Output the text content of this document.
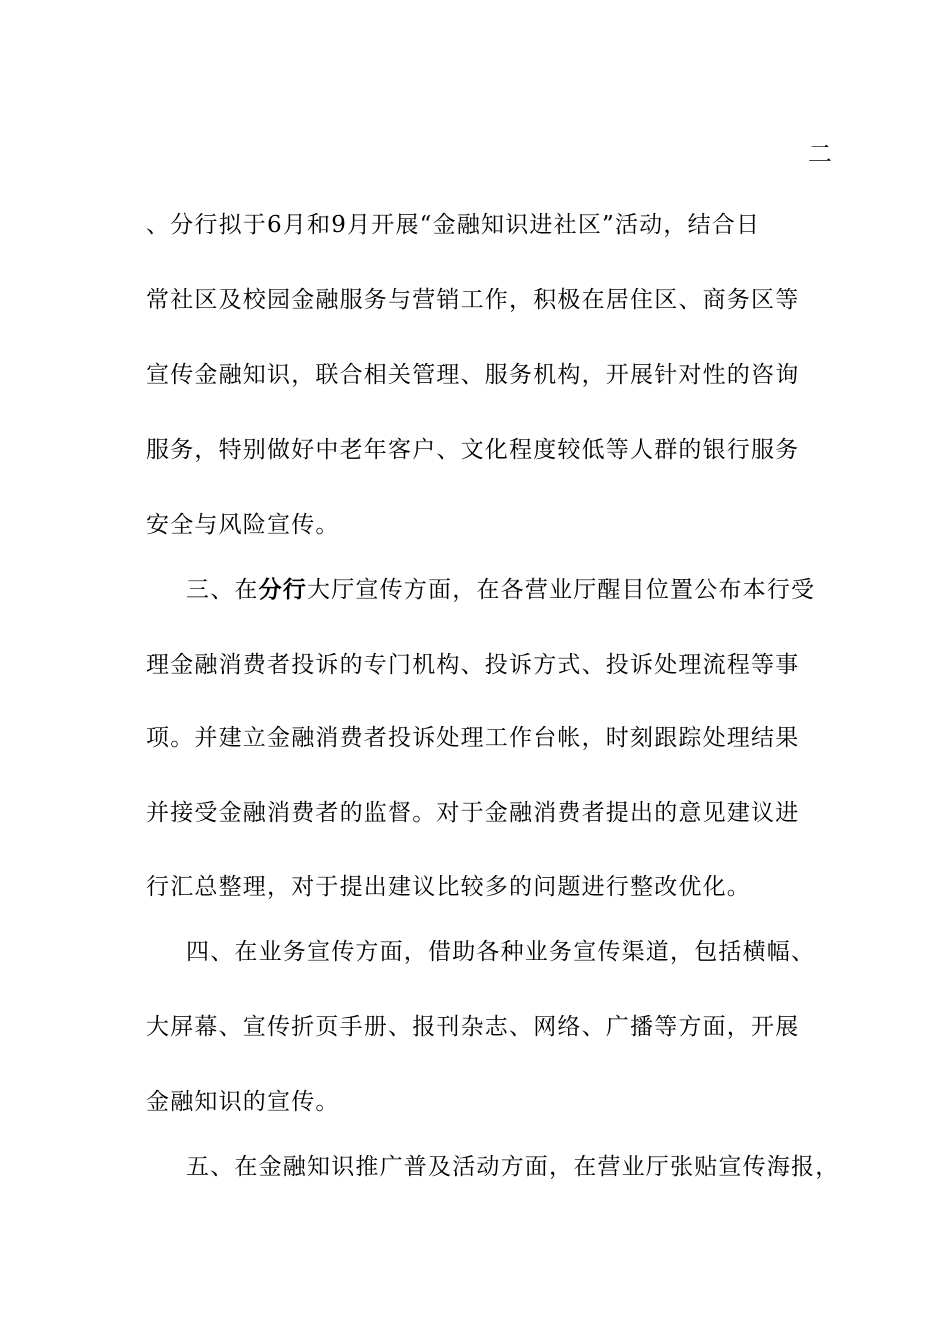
二
、分行拟于6月和9月开展“金融知识进社区”活动，结合日
常社区及校园金融服务与营销工作，积极在居住区、商务区等
宣传金融知识，联合相关管理、服务机构，开展针对性的咨询
服务，特别做好中老年客户、文化程度较低等人群的银行服务
安全与风险宣传。
三、在分行大厅宣传方面，在各营业厅醒目位置公布本行受
理金融消费者投诉的专门机构、投诉方式、投诉处理流程等事
项。并建立金融消费者投诉处理工作台帐，时刻跟踪处理结果
并接受金融消费者的监督。对于金融消费者提出的意见建议进
行汇总整理，对于提出建议比较多的问题进行整改优化。
四、在业务宣传方面，借助各种业务宣传渠道，包括横幅、
大屏幕、宣传折页手册、报刊杂志、网络、广播等方面，开展
金融知识的宣传。
五、在金融知识推广普及活动方面，在营业厅张贴宣传海报，
